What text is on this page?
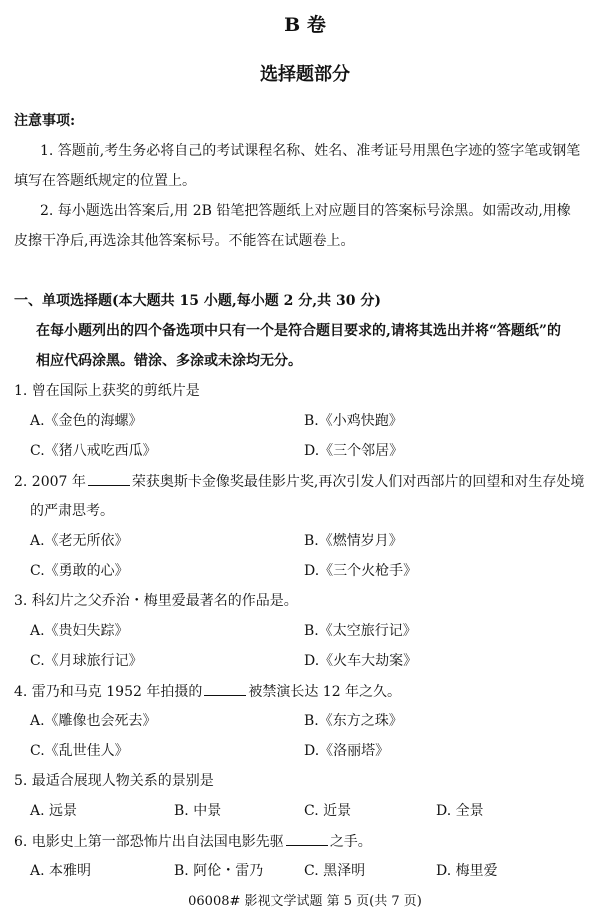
B 卷
选择题部分
注意事项:
1. 答题前,考生务必将自己的考试课程名称、姓名、准考证号用黑色字迹的签字笔或钢笔
填写在答题纸规定的位置上。
2. 每小题选出答案后,用 2B 铅笔把答题纸上对应题目的答案标号涂黑。如需改动,用橡
皮擦干净后,再选涂其他答案标号。不能答在试题卷上。
一、单项选择题(本大题共 15 小题,每小题 2 分,共 30 分)
在每小题列出的四个备选项中只有一个是符合题目要求的,请将其选出并将“答题纸”的
相应代码涂黑。错涂、多涂或未涂均无分。
1. 曾在国际上获奖的剪纸片是
A.《金色的海螺》	B.《小鸡快跑》
C.《猪八戒吃西瓜》	D.《三个邻居》
2. 2007 年	荣获奥斯卡金像奖最佳影片奖,再次引发人们对西部片的回望和对生存处境
的严肃思考。
A.《老无所依》	B.《燃情岁月》
C.《勇敢的心》	D.《三个火枪手》
3. 科幻片之父乔治・梅里爱最著名的作品是。
A.《贵妇失踪》	B.《太空旅行记》
C.《月球旅行记》	D.《火车大劫案》
4. 雷乃和马克 1952 年拍摄的	被禁演长达 12 年之久。
A.《雕像也会死去》	B.《东方之珠》
C.《乱世佳人》	D.《洛丽塔》
5. 最适合展现人物关系的景别是
A. 远景	B. 中景	C. 近景	D. 全景
6. 电影史上第一部恐怖片出自法国电影先驱	之手。
A. 本雅明	B. 阿伦・雷乃	C. 黑泽明	D. 梅里爱
06008# 影视文学试题 第 5 页(共 7 页)
